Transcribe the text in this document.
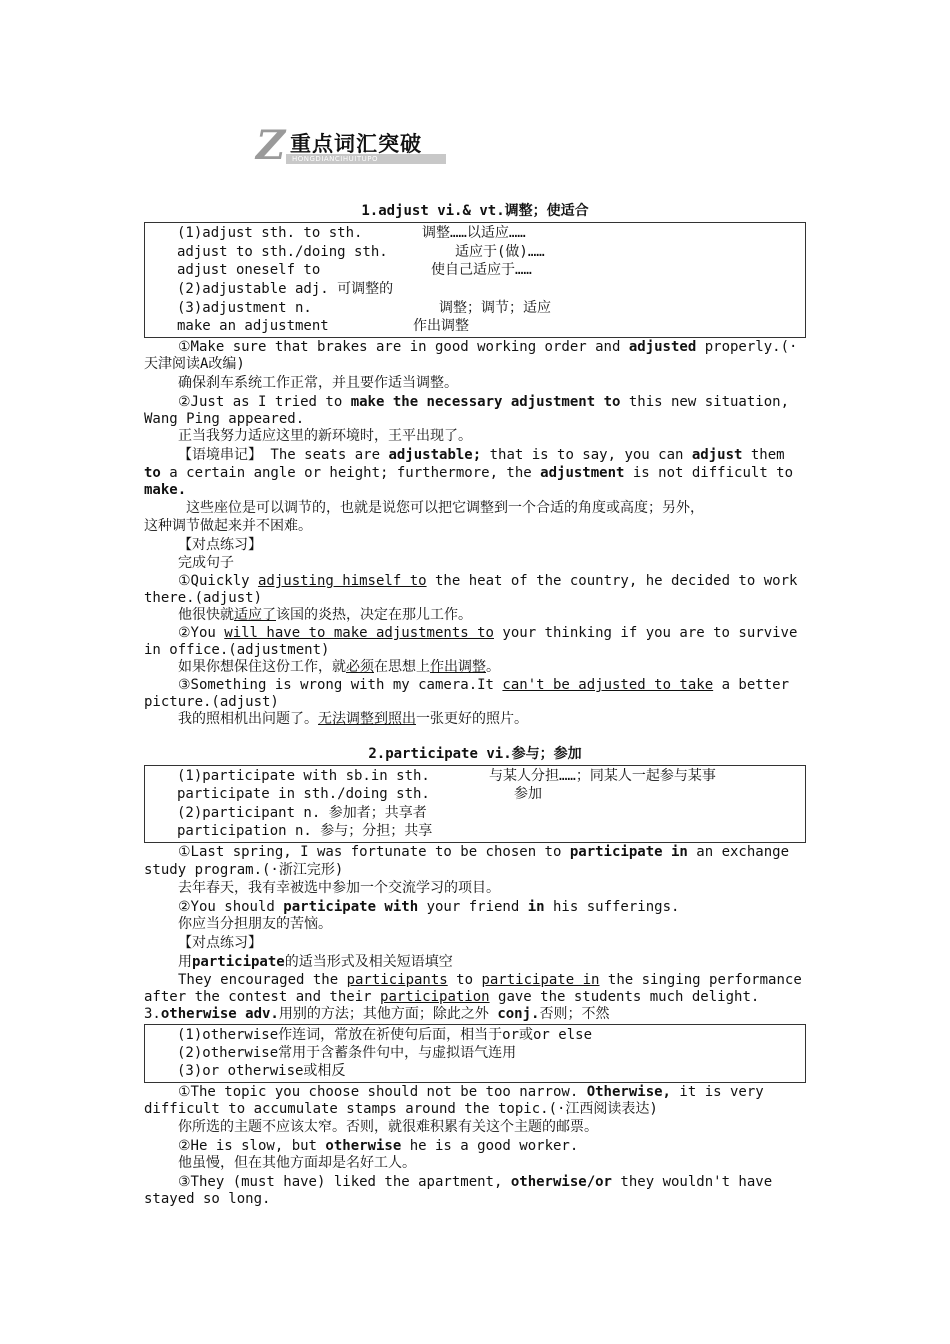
Z 重点词汇突破
HONGDIANCIHUITUPO
1.adjust vi.& vt.调整；使适合
(1)adjust sth. to sth.	调整……以适应……
adjust to sth./doing sth.	适应于(做)……
adjust oneself to	使自己适应于……
(2)adjustable adj. 可调整的
(3)adjustment n.	调整；调节；适应
make an adjustment	作出调整
①Make sure that brakes are in good working order and adjusted properly.(·
天津阅读A改编)
确保刹车系统工作正常，并且要作适当调整。
②Just as I tried to make the necessary adjustment to this new situation,
Wang Ping appeared.
正当我努力适应这里的新环境时，王平出现了。
【语境串记】 The seats are adjustable; that is to say, you can adjust them
to a certain angle or height; furthermore, the adjustment is not difficult to
make.
这些座位是可以调节的，也就是说您可以把它调整到一个合适的角度或高度；另外，
这种调节做起来并不困难。
【对点练习】
完成句子
①Quickly adjusting himself to the heat of the country, he decided to work
there.(adjust)
他很快就适应了该国的炎热，决定在那儿工作。
②You will have to make adjustments to your thinking if you are to survive
in office.(adjustment)
如果你想保住这份工作，就必须在思想上作出调整。
③Something is wrong with my camera.It can't be adjusted to take a better
picture.(adjust)
我的照相机出问题了。无法调整到照出一张更好的照片。
2.participate vi.参与；参加
(1)participate with sb.in sth.	与某人分担……；同某人一起参与某事
participate in sth./doing sth.	参加
(2)participant n. 参加者；共享者
participation n. 参与；分担；共享
①Last spring, I was fortunate to be chosen to participate in an exchange
study program.(·浙江完形)
去年春天，我有幸被选中参加一个交流学习的项目。
②You should participate with your friend in his sufferings.
你应当分担朋友的苦恼。
【对点练习】
用participate的适当形式及相关短语填空
They encouraged the participants to participate in the singing performance
after the contest and their participation gave the students much delight.
3.otherwise adv.用别的方法；其他方面；除此之外 conj.否则；不然
(1)otherwise作连词，常放在祈使句后面，相当于or或or else
(2)otherwise常用于含蓄条件句中，与虚拟语气连用
(3)or otherwise或相反
①The topic you choose should not be too narrow. Otherwise, it is very
difficult to accumulate stamps around the topic.(·江西阅读表达)
你所选的主题不应该太窄。否则，就很难积累有关这个主题的邮票。
②He is slow, but otherwise he is a good worker.
他虽慢，但在其他方面却是名好工人。
③They (must have) liked the apartment, otherwise/or they wouldn't have
stayed so long.
